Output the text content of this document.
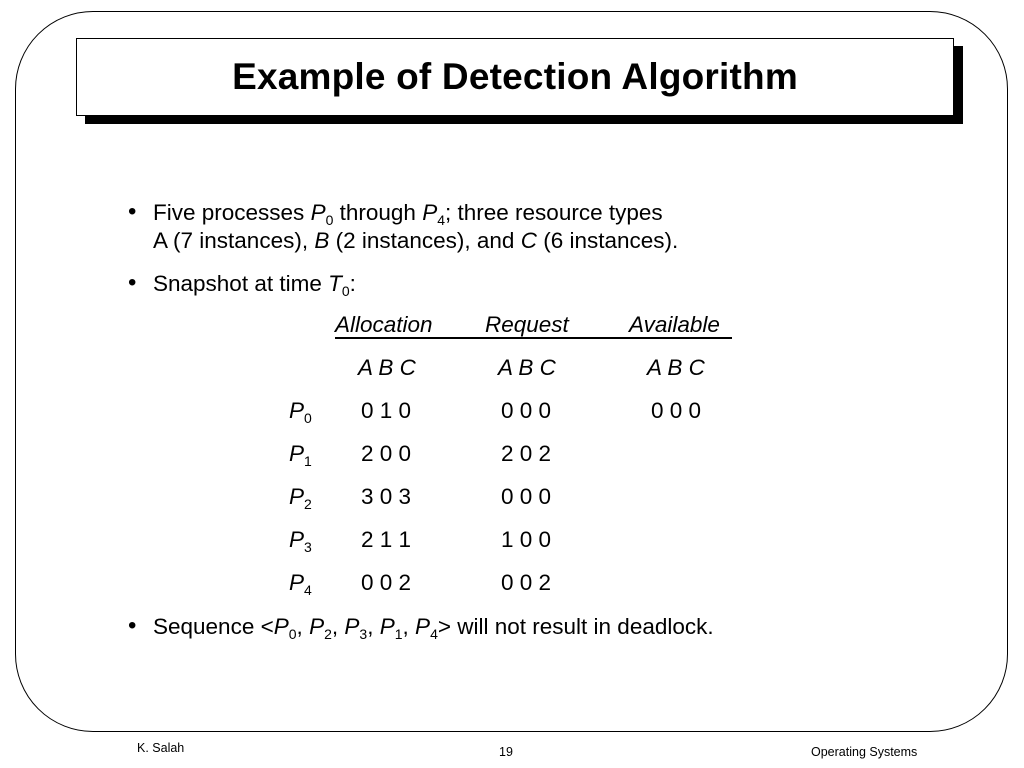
Example of Detection Algorithm
• Five processes $P_0$ through $P_4$; three resource types
A (7 instances), B (2 instances), and C (6 instances).
• Snapshot at time $T_0$:
Allocation Request	Available
A B C	A B C	A B C
$P_0$ 0 1 0	0 0 0	0 0 0
$P_1$ 2 0 0	2 0 2
$P_2$ 3 0 3	0 0 0
$P_3$ 2 1 1	1 0 0
$P_4$ 0 0 2	0 0 2
• Sequence $<P_0$, $P_2$, $P_3$, $P_1$, $P_4>$ will not result in deadlock.
K. Salah	19	Operating Systems
